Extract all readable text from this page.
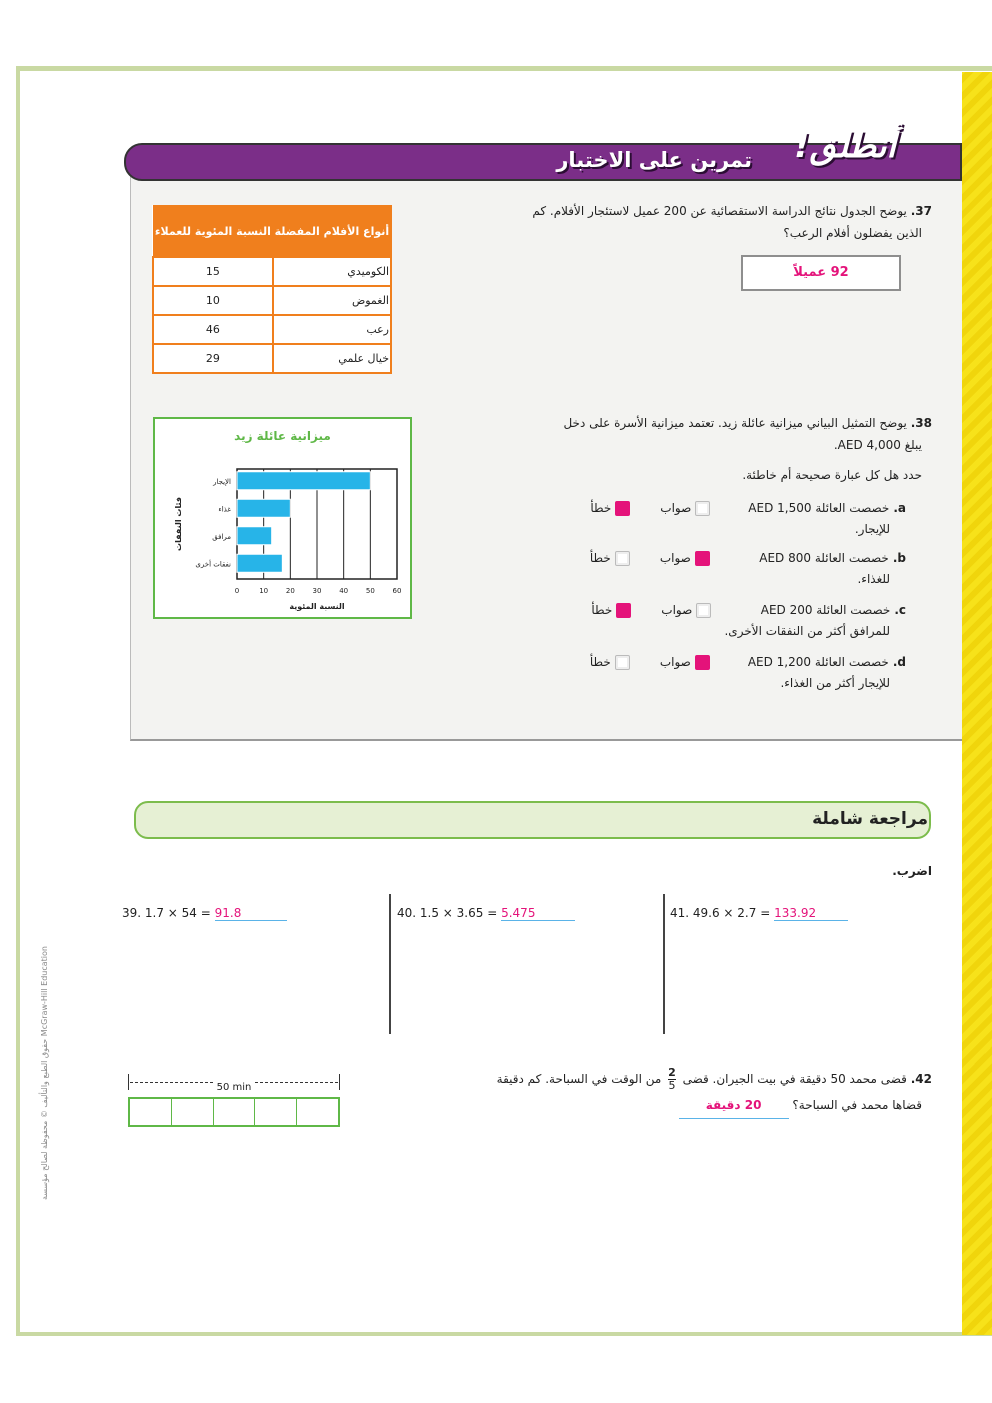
أنطلق!
تمرين على الاختبار
37. يوضح الجدول نتائج الدراسة الاستقصائية عن 200 عميل لاستئجار الأفلام. كم
الذين يفضلون أفلام الرعب؟
92 عميلاً
النسبة المئوية للعملاء	أنواع الأفلام المفضلة
15	الكوميدي
10	الغموض
46	رعب
29	خيال علمي
38. يوضح التمثيل البياني ميزانية عائلة زيد. تعتمد ميزانية الأسرة على دخل
يبلغ AED 4,000.
حدد هل كل عبارة صحيحة أم خاطئة.
ميزانية عائلة زيد
0	10	20	30	40	50	60
الإيجار
غذاء
مرافق
نفقات أخرى
النسبة المئوية
فئات النفقات	a.
خصصت العائلة AED 1,500
صواب
خطأ
للإيجار.
b.
خصصت العائلة AED 800
صواب
خطأ
للغذاء.
c.
خصصت العائلة AED 200
صواب
خطأ
للمرافق أكثر من النفقات الأخرى.
d.
خصصت العائلة AED 1,200
صواب
خطأ
للإيجار أكثر من الغذاء.
مراجعة شاملة
اضرب.
39. 1.7 × 54 = 91.8	40. 1.5 × 3.65 = 5.475	41. 49.6 × 2.7 = 133.92
42. قضى محمد 50 دقيقة في بيت الجيران. قضى
$\frac{2}{5}$
من الوقت في السباحة. كم دقيقة
قضاها محمد في السباحة؟ 20 دقيقة
50 min
حقوق الطبع والتأليف © محفوظة لصالح مؤسسة McGraw-Hill Education
